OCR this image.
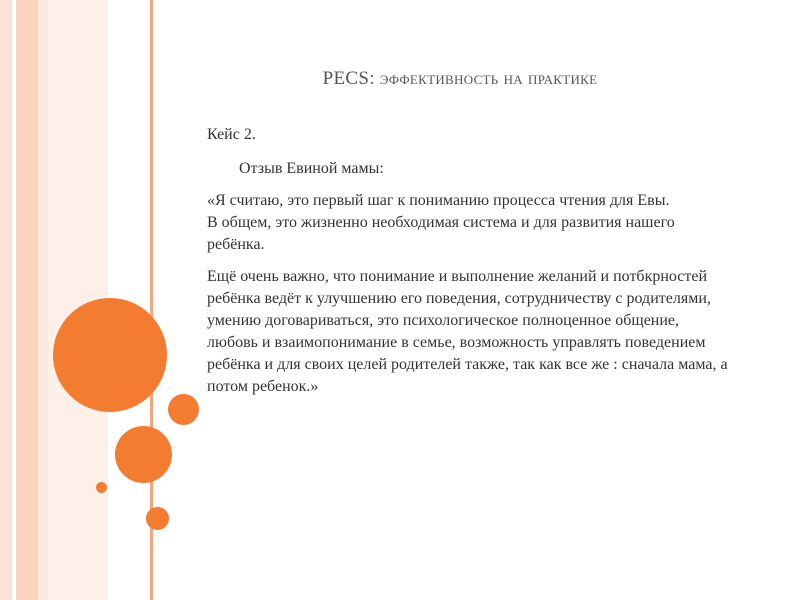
PECS: эффективность на практике

Кейс 2.

Отзыв Евиной мамы:

«Я считаю, это первый шаг к пониманию процесса чтения для Евы.
В общем, это жизненно необходимая система и для развития нашего ребёнка.

Ещё очень важно, что понимание и выполнение желаний и потбкрностей ребёнка ведёт к улучшению его поведения, сотрудничеству с родителями, умению договариваться, это психологическое полноценное общение, любовь и взаимопонимание в семье, возможность управлять поведением ребёнка и для своих целей родителей также, так как все же : сначала мама, а потом ребенок.»
